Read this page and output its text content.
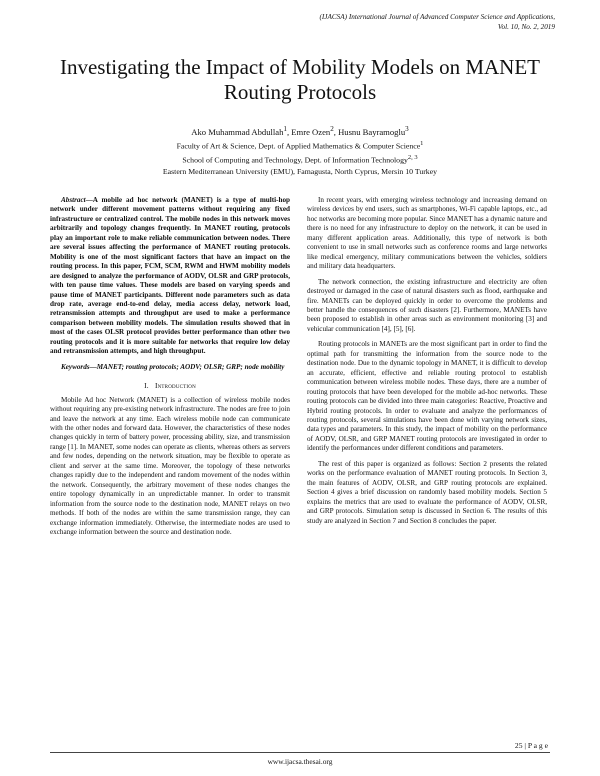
(IJACSA) International Journal of Advanced Computer Science and Applications,
Vol. 10, No. 2, 2019
Investigating the Impact of Mobility Models on MANET Routing Protocols
Ako Muhammad Abdullah$^1$, Emre Ozen$^2$, Husnu Bayramoglu$^3$
Faculty of Art & Science, Dept. of Applied Mathematics & Computer Science$^1$
School of Computing and Technology, Dept. of Information Technology$^{2, 3}$
Eastern Mediterranean University (EMU), Famagusta, North Cyprus, Mersin 10 Turkey

Abstract—A mobile ad hoc network (MANET) is a type of multi-hop network under different movement patterns without requiring any fixed infrastructure or centralized control. The mobile nodes in this network moves arbitrarily and topology changes frequently. In MANET routing, protocols play an important role to make reliable communication between nodes. There are several issues affecting the performance of MANET routing protocols. Mobility is one of the most significant factors that have an impact on the routing process. In this paper, FCM, SCM, RWM and HWM mobility models are designed to analyze the performance of AODV, OLSR and GRP protocols, with ten pause time values. These models are based on varying speeds and pause time of MANET participants. Different node parameters such as data drop rate, average end-to-end delay, media access delay, network load, retransmission attempts and throughput are used to make a performance comparison between mobility models. The simulation results showed that in most of the cases OLSR protocol provides better performance than other two routing protocols and it is more suitable for networks that require low delay and retransmission attempts, and high throughput.

Keywords—MANET; routing protocols; AODV; OLSR; GRP; node mobility

I. Introduction

Mobile Ad hoc Network (MANET) is a collection of wireless mobile nodes without requiring any pre-existing network infrastructure. The nodes are free to join and leave the network at any time. Each wireless mobile node can communicate with the other nodes and forward data. However, the characteristics of these nodes changes quickly in term of battery power, processing ability, size, and transmission range [1]. In MANET, some nodes can operate as clients, whereas others as servers and few nodes, depending on the network situation, may be flexible to operate as client and server at the same time. Moreover, the topology of these networks changes rapidly due to the independent and random movement of the nodes within the network. Consequently, the arbitrary movement of these nodes changes the entire topology dynamically in an unpredictable manner. In order to transmit information from the source node to the destination node, MANET relays on two methods. If both of the nodes are within the same transmission range, they can exchange information immediately. Otherwise, the intermediate nodes are used to exchange information between the source and destination node.

In recent years, with emerging wireless technology and increasing demand on wireless devices by end users, such as smartphones, Wi-Fi capable laptops, etc., ad hoc networks are becoming more popular. Since MANET has a dynamic nature and there is no need for any infrastructure to deploy on the network, it can be used in many different application areas. Additionally, this type of network is both convenient to use in small networks such as conference rooms and large networks like medical emergency, military communications between the vehicles, soldiers and military data headquarters.

The network connection, the existing infrastructure and electricity are often destroyed or damaged in the case of natural disasters such as flood, earthquake and fire. MANETs can be deployed quickly in order to overcome the problems and better handle the consequences of such disasters [2]. Furthermore, MANETs have been proposed to establish in other areas such as environment monitoring [3] and vehicular communication [4], [5], [6].

Routing protocols in MANETs are the most significant part in order to find the optimal path for transmitting the information from the source node to the destination node. Due to the dynamic topology in MANET, it is difficult to develop an accurate, efficient, effective and reliable routing protocol to establish communication between wireless mobile nodes. These days, there are a number of routing protocols that have been developed for the mobile ad-hoc networks. These routing protocols can be divided into three main categories: Reactive, Proactive and Hybrid routing protocols. In order to evaluate and analyze the performances of routing protocols, several simulations have been done with varying network sizes, data types and parameters. In this study, the impact of mobility on the performance of AODV, OLSR, and GRP MANET routing protocols are investigated in order to identify the performances under different conditions and parameters.

The rest of this paper is organized as follows: Section 2 presents the related works on the performance evaluation of MANET routing protocols. In Section 3, the main features of AODV, OLSR, and GRP routing protocols are explained. Section 4 gives a brief discussion on randomly based mobility models. Section 5 explains the metrics that are used to evaluate the performance of AODV, OLSR, and GRP protocols. Simulation setup is discussed in Section 6. The results of this study are analyzed in Section 7 and Section 8 concludes the paper.

25 | P a g e
www.ijacsa.thesai.org
